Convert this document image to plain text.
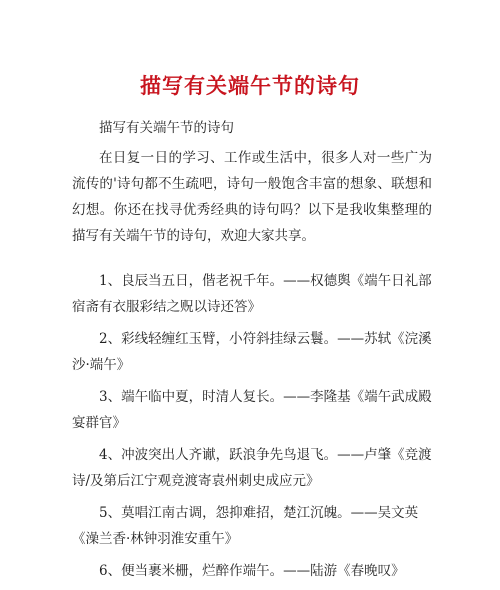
描写有关端午节的诗句

描写有关端午节的诗句

在日复一日的学习、工作或生活中，很多人对一些广为流传的'诗句都不生疏吧，诗句一般饱含丰富的想象、联想和幻想。你还在找寻优秀经典的诗句吗？以下是我收集整理的描写有关端午节的诗句，欢迎大家共享。

1、良辰当五日，偕老祝千年。——权德舆《端午日礼部宿斋有衣服彩结之贶以诗还答》
2、彩线轻缠红玉臂，小符斜挂绿云鬟。——苏轼《浣溪沙·端午》
3、端午临中夏，时清人复长。——李隆基《端午武成殿宴群官》
4、冲波突出人齐谳，跃浪争先鸟退飞。——卢肇《竞渡诗/及第后江宁观竞渡寄袁州刺史成应元》
5、莫唱江南古调，怨抑难招，楚江沉魄。——吴文英《澡兰香·林钟羽淮安重午》
6、便当裹米栅，烂醉作端午。——陆游《春晚叹》
